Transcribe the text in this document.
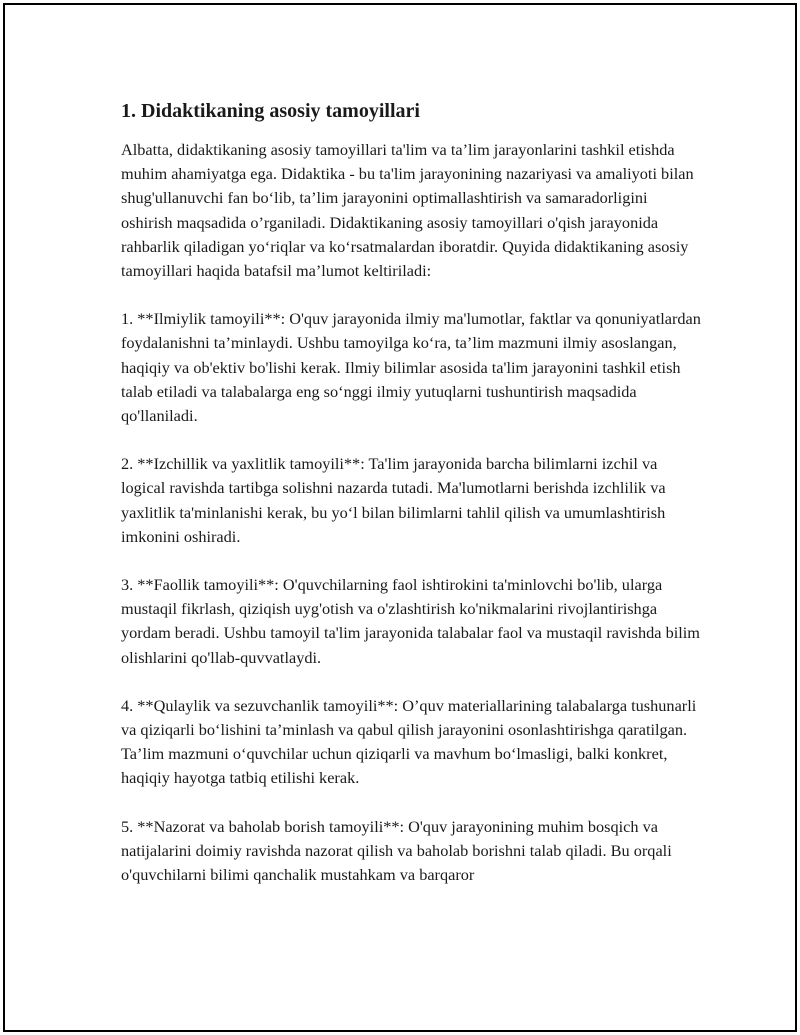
1. Didaktikaning asosiy tamoyillari

Albatta, didaktikaning asosiy tamoyillari ta'lim va ta’lim jarayonlarini tashkil etishda muhim ahamiyatga ega. Didaktika - bu ta'lim jarayonining nazariyasi va amaliyoti bilan shug'ullanuvchi fan bo‘lib, ta’lim jarayonini optimallashtirish va samaradorligini oshirish maqsadida o’rganiladi. Didaktikaning asosiy tamoyillari o'qish jarayonida rahbarlik qiladigan yo‘riqlar va ko‘rsatmalardan iboratdir. Quyida didaktikaning asosiy tamoyillari haqida batafsil ma’lumot keltiriladi:

1. **Ilmiylik tamoyili**: O'quv jarayonida ilmiy ma'lumotlar, faktlar va qonuniyatlardan foydalanishni ta’minlaydi. Ushbu tamoyilga ko‘ra, ta’lim mazmuni ilmiy asoslangan, haqiqiy va ob'ektiv bo'lishi kerak. Ilmiy bilimlar asosida ta'lim jarayonini tashkil etish talab etiladi va talabalarga eng so‘nggi ilmiy yutuqlarni tushuntirish maqsadida qo'llaniladi.

2. **Izchillik va yaxlitlik tamoyili**: Ta'lim jarayonida barcha bilimlarni izchil va logical ravishda tartibga solishni nazarda tutadi. Ma'lumotlarni berishda izchlilik va yaxlitlik ta'minlanishi kerak, bu yo‘l bilan bilimlarni tahlil qilish va umumlashtirish imkonini oshiradi.

3. **Faollik tamoyili**: O'quvchilarning faol ishtirokini ta'minlovchi bo'lib, ularga mustaqil fikrlash, qiziqish uyg'otish va o'zlashtirish ko'nikmalarini rivojlantirishga yordam beradi. Ushbu tamoyil ta'lim jarayonida talabalar faol va mustaqil ravishda bilim olishlarini qo'llab-quvvatlaydi.

4. **Qulaylik va sezuvchanlik tamoyili**: O’quv materiallarining talabalarga tushunarli va qiziqarli bo‘lishini ta’minlash va qabul qilish jarayonini osonlashtirishga qaratilgan. Ta’lim mazmuni o‘quvchilar uchun qiziqarli va mavhum bo‘lmasligi, balki konkret, haqiqiy hayotga tatbiq etilishi kerak.

5. **Nazorat va baholab borish tamoyili**: O'quv jarayonining muhim bosqich va natijalarini doimiy ravishda nazorat qilish va baholab borishni talab qiladi. Bu orqali o'quvchilarni bilimi qanchalik mustahkam va barqaror
